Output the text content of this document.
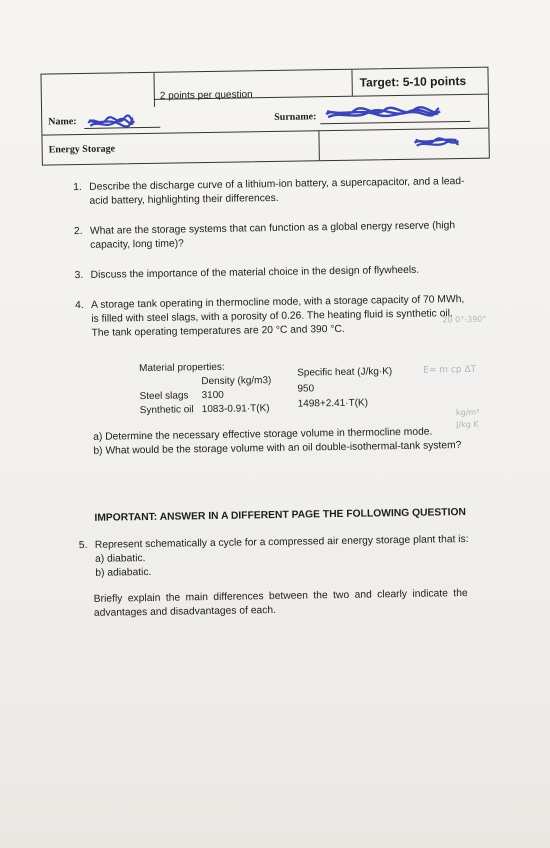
2 points per question
Target: 5-10 points
Name:	Surname:
Energy Storage
1. Describe the discharge curve of a lithium-ion battery, a supercapacitor, and a lead-acid battery, highlighting their differences.

2. What are the storage systems that can function as a global energy reserve (high capacity, long time)?

3. Discuss the importance of the material choice in the design of flywheels.

4. A storage tank operating in thermocline mode, with a storage capacity of 70 MWh, is filled with steel slags, with a porosity of 0.26. The heating fluid is synthetic oil. The tank operating temperatures are 20 °C and 390 °C.

Material properties:
Density (kg/m3)
Specific heat (J/kg·K)
Steel slags 3100
950
Synthetic oil 1083-0.91·T(K)	1498+2.41·T(K)

a) Determine the necessary effective storage volume in thermocline mode.

b) What would be the storage volume with an oil double-isothermal-tank system?

20 0°-390°
E= m cp ΔT
kg/m³ J/kg K
IMPORTANT: ANSWER IN A DIFFERENT PAGE THE FOLLOWING QUESTION
5. Represent schematically a cycle for a compressed air energy storage plant that is:

a) diabatic.

b) adiabatic.

Briefly explain the main differences between the two and clearly indicate the advantages and disadvantages of each.
